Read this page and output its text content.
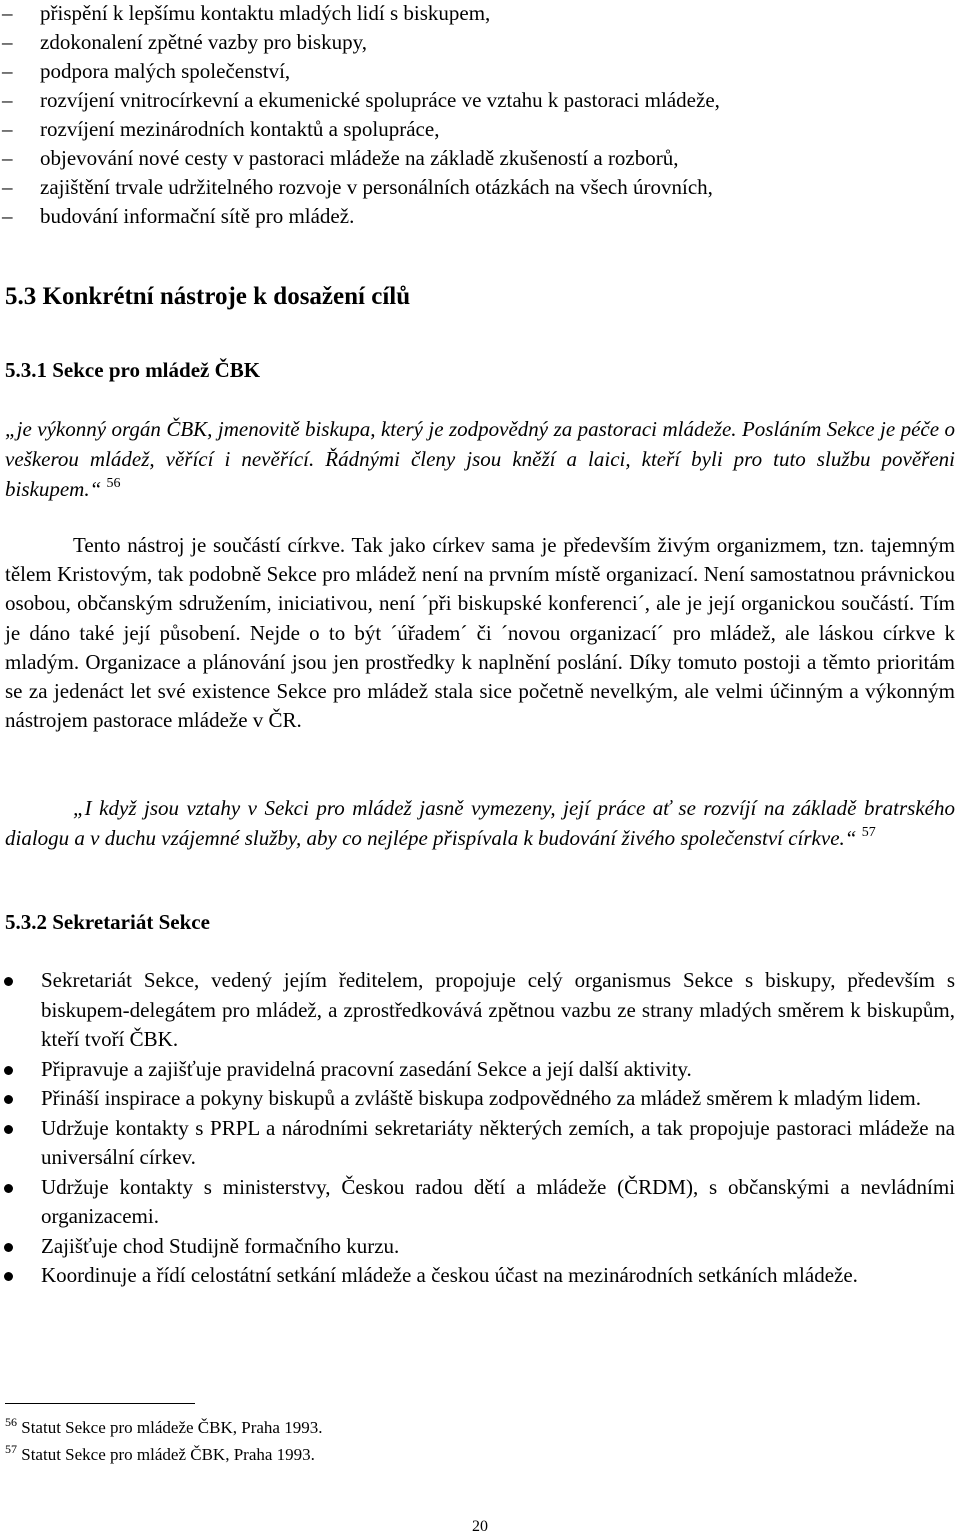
– přispění k lepšímu kontaktu mladých lidí s biskupem,
– zdokonalení zpětné vazby pro biskupy,
– podpora malých společenství,
– rozvíjení vnitrocírkevní a ekumenické spolupráce ve vztahu k pastoraci mládeže,
– rozvíjení mezinárodních kontaktů a spolupráce,
– objevování nové cesty v pastoraci mládeže na základě zkušeností a rozborů,
– zajištění trvale udržitelného rozvoje v personálních otázkách na všech úrovních,
– budování informační sítě pro mládež.
5.3 Konkrétní nástroje k dosažení cílů
5.3.1 Sekce pro mládež ČBK

„je výkonný orgán ČBK, jmenovitě biskupa, který je zodpovědný za pastoraci mládeže. Posláním Sekce je péče o veškerou mládež, věřící i nevěřící. Řádnými členy jsou kněží a laici, kteří byli pro tuto službu pověřeni biskupem.“ $^{56}$

Tento nástroj je součástí církve. Tak jako církev sama je především živým organizmem, tzn. tajemným tělem Kristovým, tak podobně Sekce pro mládež není na prvním místě organizací. Není samostatnou právnickou osobou, občanským sdružením, iniciativou, není ´při biskupské konferenci´, ale je její organickou součástí. Tím je dáno také její působení. Nejde o to být ´úřadem´ či ´novou organizací´ pro mládež, ale láskou církve k mladým. Organizace a plánování jsou jen prostředky k naplnění poslání. Díky tomuto postoji a těmto prioritám se za jedenáct let své existence Sekce pro mládež stala sice početně nevelkým, ale velmi účinným a výkonným nástrojem pastorace mládeže v ČR.

„I když jsou vztahy v Sekci pro mládež jasně vymezeny, její práce ať se rozvíjí na základě bratrského dialogu a v duchu vzájemné služby, aby co nejlépe přispívala k budování živého společenství církve.“ $^{57}$

5.3.2 Sekretariát Sekce
Sekretariát Sekce, vedený jejím ředitelem, propojuje celý organismus Sekce s biskupy, především s biskupem-delegátem pro mládež, a zprostředkovává zpětnou vazbu ze strany mladých směrem k biskupům, kteří tvoří ČBK.
Připravuje a zajišťuje pravidelná pracovní zasedání Sekce a její další aktivity.
Přináší inspirace a pokyny biskupů a zvláště biskupa zodpovědného za mládež směrem k mladým lidem.
Udržuje kontakty s PRPL a národními sekretariáty některých zemích, a tak propojuje pastoraci mládeže na universální církev.
Udržuje kontakty s ministerstvy, Českou radou dětí a mládeže (ČRDM), s občanskými a nevládními organizacemi.
Zajišťuje chod Studijně formačního kurzu.
Koordinuje a řídí celostátní setkání mládeže a českou účast na mezinárodních setkáních mládeže.
$^{56}$ Statut Sekce pro mládeže ČBK, Praha 1993.
$^{57}$ Statut Sekce pro mládež ČBK, Praha 1993.
20
